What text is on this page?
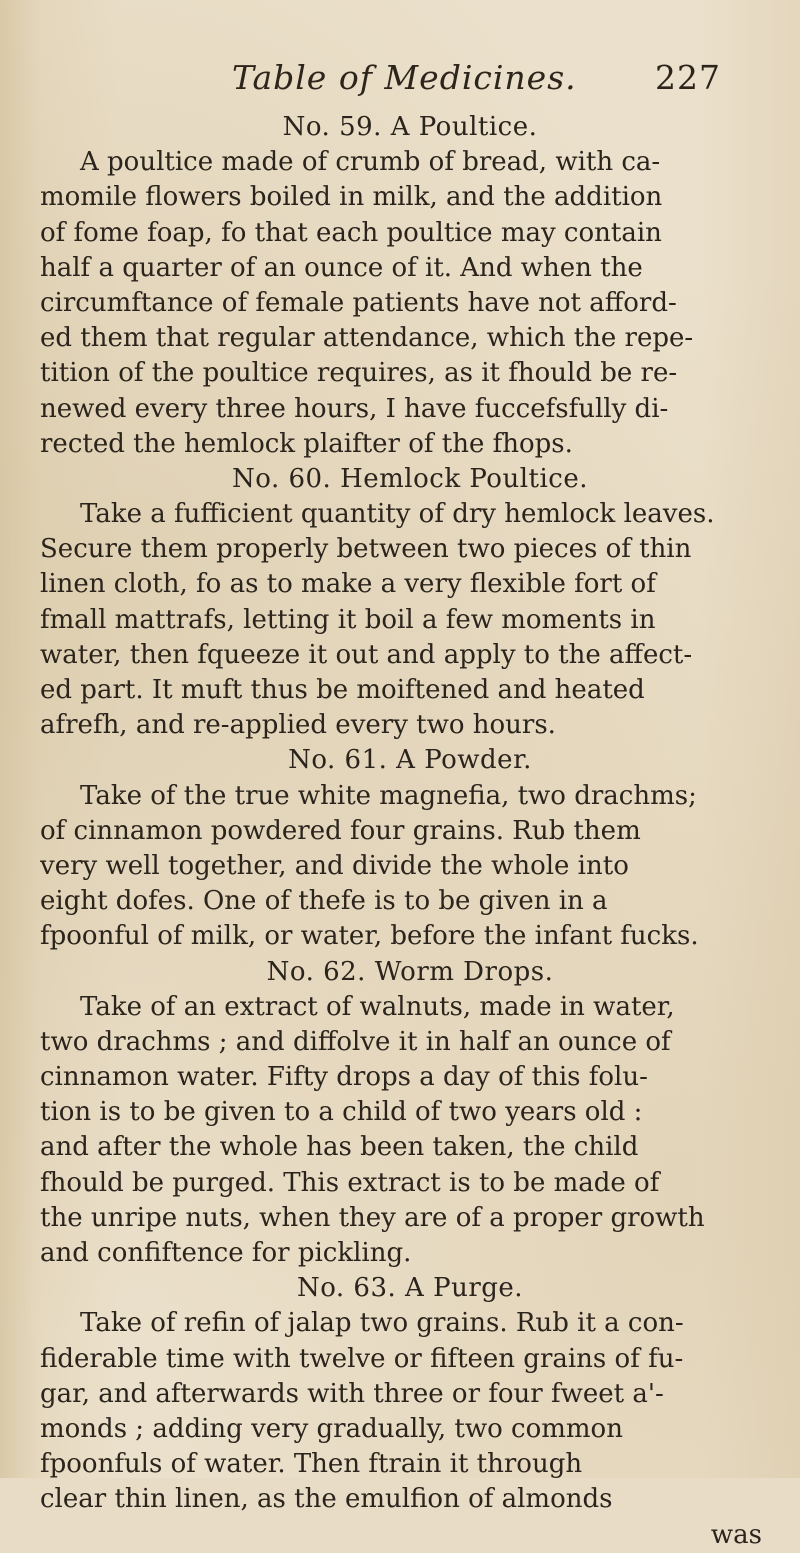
Table of Medicines. 227
No. 59. A Poultice.
A poultice made of crumb of bread, with ca-
momile flowers boiled in milk, and the addition
of fome foap, fo that each poultice may contain
half a quarter of an ounce of it. And when the
circumftance of female patients have not afford-
ed them that regular attendance, which the repe-
tition of the poultice requires, as it fhould be re-
newed every three hours, I have fuccefsfully di-
rected the hemlock plaifter of the fhops.
No. 60. Hemlock Poultice.
Take a fufficient quantity of dry hemlock leaves.
Secure them properly between two pieces of thin
linen cloth, fo as to make a very flexible fort of
fmall mattrafs, letting it boil a few moments in
water, then fqueeze it out and apply to the affect-
ed part. It muft thus be moiftened and heated
afrefh, and re-applied every two hours.
No. 61. A Powder.
Take of the true white magnefia, two drachms;
of cinnamon powdered four grains. Rub them
very well together, and divide the whole into
eight dofes. One of thefe is to be given in a
fpoonful of milk, or water, before the infant fucks.
No. 62. Worm Drops.
Take of an extract of walnuts, made in water,
two drachms ; and diffolve it in half an ounce of
cinnamon water. Fifty drops a day of this folu-
tion is to be given to a child of two years old :
and after the whole has been taken, the child
fhould be purged. This extract is to be made of
the unripe nuts, when they are of a proper growth
and confiftence for pickling.
No. 63. A Purge.
Take of refin of jalap two grains. Rub it a con-
fiderable time with twelve or fifteen grains of fu-
gar, and afterwards with three or four fweet a'-
monds ; adding very gradually, two common
fpoonfuls of water. Then ftrain it through
clear thin linen, as the emulfion of almonds
was
